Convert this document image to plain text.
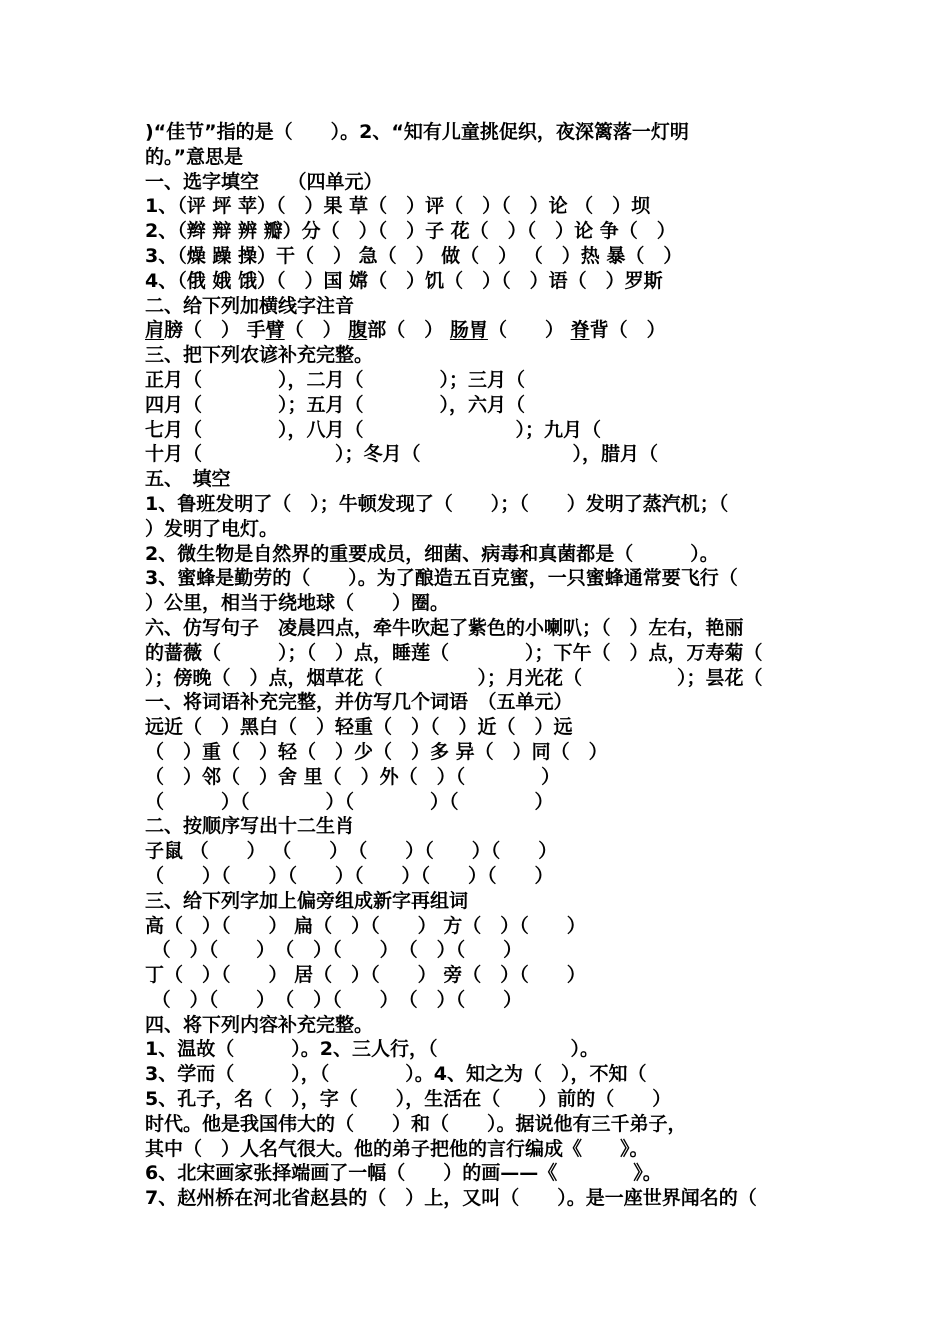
)“佳节”指的是（　　）。2、“知有儿童挑促织，夜深篱落一灯明
的。”意思是
一、选字填空　　（四单元）
1、（评 坪 苹）（　）果 草（　）评（　）（　）论 （　）坝
2、（辫 辩 辨 瓣）分（　）（　）子 花（　）（　）论 争（　）
3、（燥 躁 操）干（　） 急（　） 做（　） （　）热 暴（　）
4、（俄 娥 饿）（　）国 嫦（　）饥（　）（　）语（　）罗斯
二、给下列加横线字注音
肩膀（　） 手臂（　） 腹部（　） 肠胃（　　） 脊背（　）
三、把下列农谚补充完整。
正月（　　　　），二月（　　　　）；三月（
四月（　　　　）；五月（　　　　），六月（
七月（　　　　），八月（　　　　　　　　）；九月（
十月（　　　　　　　）；冬月（　　　　　　　　），腊月（
五、　填空
1、鲁班发明了（　）；牛顿发现了（　　）；（　　）发明了蒸汽机；（
）发明了电灯。
2、微生物是自然界的重要成员，细菌、病毒和真菌都是（　　　）。
3、蜜蜂是勤劳的（　　）。为了酿造五百克蜜，一只蜜蜂通常要飞行（
）公里，相当于绕地球（　　）圈。
六、仿写句子　凌晨四点，牵牛吹起了紫色的小喇叭；（　）左右，艳丽
的蔷薇（　　　）；（　）点，睡莲（　　　　）；下午（　）点，万寿菊（
）；傍晚（　）点，烟草花（　　　　　）；月光花（　　　　　）；昙花（
一、将词语补充完整，并仿写几个词语　（五单元）
远近（　）黑白（　）轻重（　）（　）近（　）远
（　）重（　）轻（　）少（　）多 异（　）同（　）
（　）邻（　）舍 里（　）外（　）（　　　　）
（　　　）（　　　　）（　　　　）（　　　　）
二、按顺序写出十二生肖
子鼠 （　　） （　　）　（　　）（　　）（　　）
（　　）（　　）（　　）（　　）（　　）（　　）
三、给下列字加上偏旁组成新字再组词
高（　）（　　） 扁（　）（　　） 方（　）（　　）
（　）（　　）　（　）（　　）　（　）（　　）
丁（　）（　　） 居（　）（　　） 旁（　）（　　）
（　）（　　）　（　）（　　）　（　）（　　）
四、将下列内容补充完整。
1、温故（　　　）。2、三人行，（　　　　　　　）。
3、学而（　　　），（　　　　）。4、知之为（　），不知（
5、孔子，名（　），字（　　），生活在（　　）前的（　　）
时代。他是我国伟大的（　　）和（　　）。据说他有三千弟子，
其中（　）人名气很大。他的弟子把他的言行编成《　　》。
6、北宋画家张择端画了一幅（　　）的画——《　　　　》。
7、赵州桥在河北省赵县的（　）上，又叫（　　）。是一座世界闻名的（
